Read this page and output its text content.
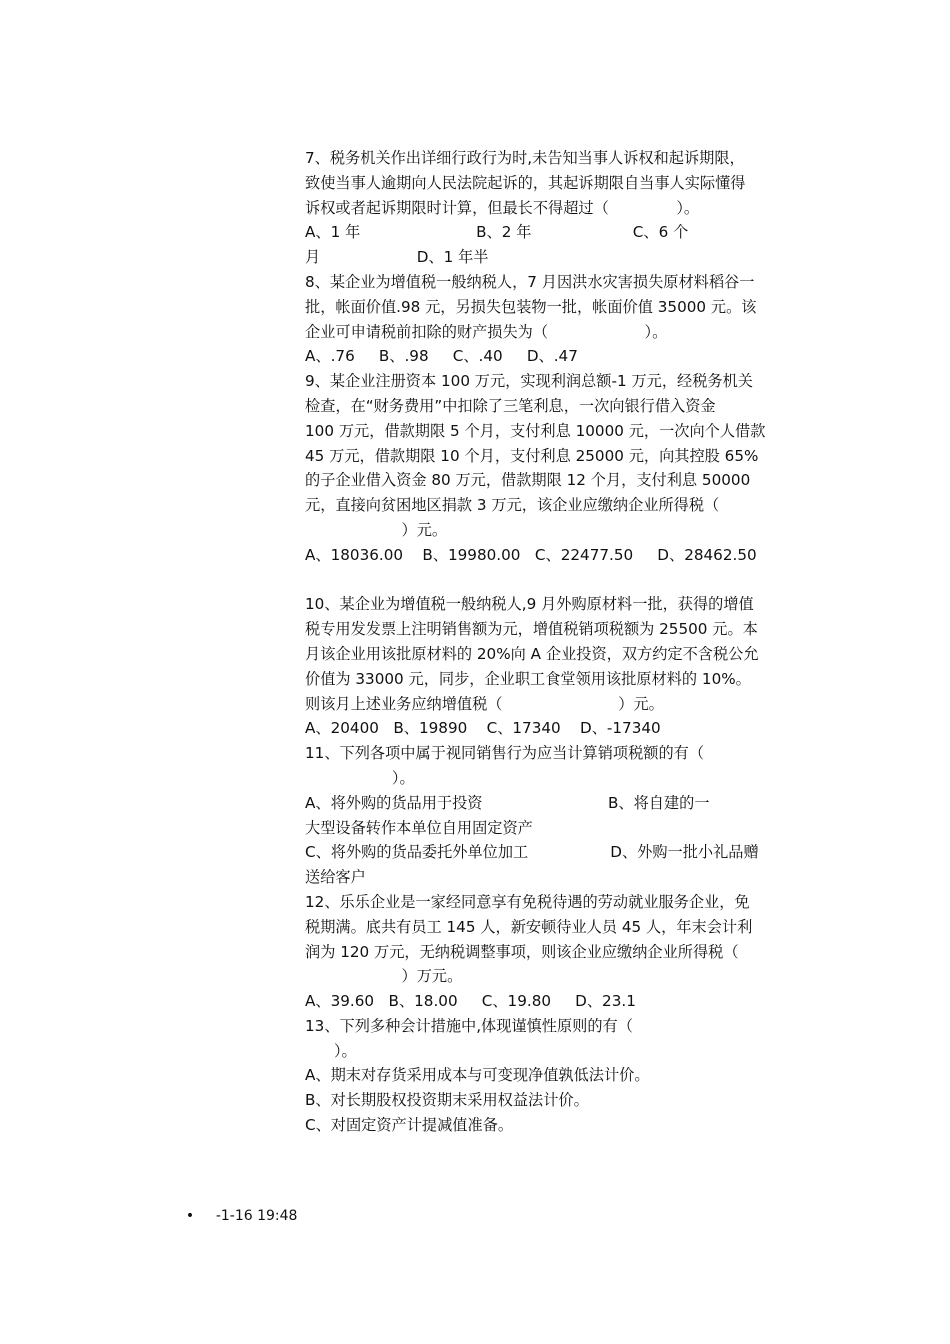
7、税务机关作出详细行政行为时,未告知当事人诉权和起诉期限，
致使当事人逾期向人民法院起诉的，其起诉期限自当事人实际懂得
诉权或者起诉期限时计算，但最长不得超过（              ）。
A、1 年                        B、2 年                     C、6 个
月                    D、1 年半
8、某企业为增值税一般纳税人，7 月因洪水灾害损失原材料稻谷一
批，帐面价值.98 元，另损失包装物一批，帐面价值 35000 元。该
企业可申请税前扣除的财产损失为（                    ）。
A、.76     B、.98     C、.40     D、.47
9、某企业注册资本 100 万元，实现利润总额-1 万元，经税务机关
检查，在“财务费用”中扣除了三笔利息，一次向银行借入资金
100 万元，借款期限 5 个月，支付利息 10000 元，一次向个人借款
45 万元，借款期限 10 个月，支付利息 25000 元，向其控股 65%
的子企业借入资金 80 万元，借款期限 12 个月，支付利息 50000
元，直接向贫困地区捐款 3 万元，该企业应缴纳企业所得税（
）元。
A、18036.00    B、19980.00   C、22477.50     D、28462.50
10、某企业为增值税一般纳税人,9 月外购原材料一批，获得的增值
税专用发发票上注明销售额为元，增值税销项税额为 25500 元。本
月该企业用该批原材料的 20%向 A 企业投资，双方约定不含税公允
价值为 33000 元，同步，企业职工食堂领用该批原材料的 10%。
则该月上述业务应纳增值税（                        ）元。
A、20400   B、19890    C、17340    D、-17340
11、下列各项中属于视同销售行为应当计算销项税额的有（
）。
A、将外购的货品用于投资                          B、将自建的一
大型设备转作本单位自用固定资产
C、将外购的货品委托外单位加工                 D、外购一批小礼品赠
送给客户
12、乐乐企业是一家经同意享有免税待遇的劳动就业服务企业，免
税期满。底共有员工 145 人，新安顿待业人员 45 人，年末会计利
润为 120 万元，无纳税调整事项，则该企业应缴纳企业所得税（
）万元。
A、39.60   B、18.00     C、19.80     D、23.1
13、下列多种会计措施中,体现谨慎性原则的有（
）。
A、期末对存货采用成本与可变现净值孰低法计价。
B、对长期股权投资期末采用权益法计价。
C、对固定资产计提减值准备。

• -1-16 19:48
